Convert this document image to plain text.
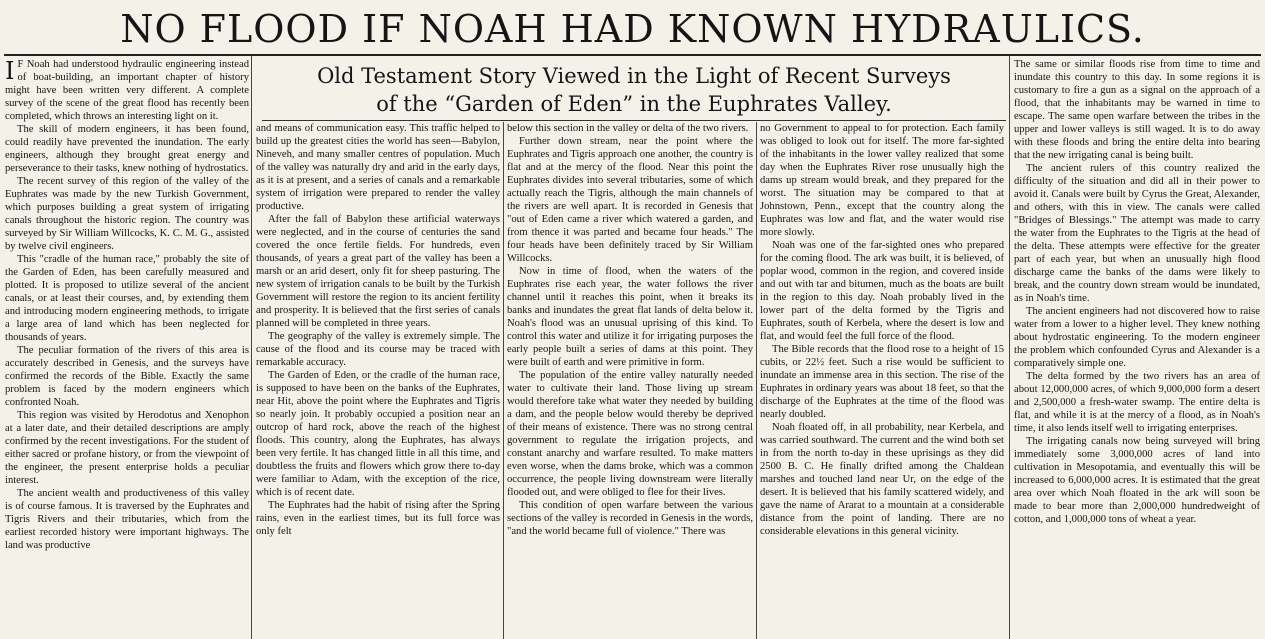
NO FLOOD IF NOAH HAD KNOWN HYDRAULICS.
Old Testament Story Viewed in the Light of Recent Surveys
of the “Garden of Eden” in the Euphrates Valley.

I F Noah had understood hydraulic engineering instead of boat-building, an important chapter of history might have been written very different. A complete survey of the scene of the great flood has recently been completed, which throws an interesting light on it.

The skill of modern engineers, it has been found, could readily have prevented the inundation. The early engineers, although they brought great energy and perseverance to their tasks, knew nothing of hydrostatics.

The recent survey of this region of the valley of the Euphrates was made by the new Turkish Government, which purposes building a great system of irrigating canals throughout the historic region. The country was surveyed by Sir William Willcocks, K. C. M. G., assisted by twelve civil engineers.

This "cradle of the human race," probably the site of the Garden of Eden, has been carefully measured and plotted. It is proposed to utilize several of the ancient canals, or at least their courses, and, by extending them and introducing modern engineering methods, to irrigate a large area of land which has been neglected for thousands of years.

The peculiar formation of the rivers of this area is accurately described in Genesis, and the surveys have confirmed the records of the Bible. Exactly the same problem is faced by the modern engineers which confronted Noah.

This region was visited by Herodotus and Xenophon at a later date, and their detailed descriptions are amply confirmed by the recent investigations. For the student of either sacred or profane history, or from the viewpoint of the engineer, the present enterprise holds a peculiar interest.

The ancient wealth and productiveness of this valley is of course famous. It is traversed by the Euphrates and Tigris Rivers and their tributaries, which from the earliest recorded history were important highways. The land was productive

and means of communication easy. This traffic helped to build up the greatest cities the world has seen—Babylon, Nineveh, and many smaller centres of population. Much of the valley was naturally dry and arid in the early days, as it is at present, and a series of canals and a remarkable system of irrigation were prepared to render the valley productive.

After the fall of Babylon these artificial waterways were neglected, and in the course of centuries the sand covered the once fertile fields. For hundreds, even thousands, of years a great part of the valley has been a marsh or an arid desert, only fit for sheep pasturing. The new system of irrigation canals to be built by the Turkish Government will restore the region to its ancient fertility and prosperity. It is believed that the first series of canals planned will be completed in three years.

The geography of the valley is extremely simple. The cause of the flood and its course may be traced with remarkable accuracy.

The Garden of Eden, or the cradle of the human race, is supposed to have been on the banks of the Euphrates, near Hit, above the point where the Euphrates and Tigris so nearly join. It probably occupied a position near an outcrop of hard rock, above the reach of the highest floods. This country, along the Euphrates, has always been very fertile. It has changed little in all this time, and doubtless the fruits and flowers which grow there to-day were familiar to Adam, with the exception of the rice, which is of recent date.

The Euphrates had the habit of rising after the Spring rains, even in the earliest times, but its full force was only felt

below this section in the valley or delta of the two rivers.

Further down stream, near the point where the Euphrates and Tigris approach one another, the country is flat and at the mercy of the flood. Near this point the Euphrates divides into several tributaries, some of which actually reach the Tigris, although the main channels of the rivers are well apart. It is recorded in Genesis that "out of Eden came a river which watered a garden, and from thence it was parted and became four heads." The four heads have been definitely traced by Sir William Willcocks.

Now in time of flood, when the waters of the Euphrates rise each year, the water follows the river channel until it reaches this point, when it breaks its banks and inundates the great flat lands of delta below it. Noah's flood was an unusual uprising of this kind. To control this water and utilize it for irrigating purposes the early people built a series of dams at this point. They were built of earth and were primitive in form.

The population of the entire valley naturally needed water to cultivate their land. Those living up stream would therefore take what water they needed by building a dam, and the people below would thereby be deprived of their means of existence. There was no strong central government to regulate the irrigation projects, and constant anarchy and warfare resulted. To make matters even worse, when the dams broke, which was a common occurrence, the people living downstream were literally flooded out, and were obliged to flee for their lives.

This condition of open warfare between the various sections of the valley is recorded in Genesis in the words, "and the world became full of violence." There was

no Government to appeal to for protection. Each family was obliged to look out for itself. The more far-sighted of the inhabitants in the lower valley realized that some day when the Euphrates River rose unusually high the dams up stream would break, and they prepared for the worst. The situation may be compared to that at Johnstown, Penn., except that the country along the Euphrates was low and flat, and the water would rise more slowly.

Noah was one of the far-sighted ones who prepared for the coming flood. The ark was built, it is believed, of poplar wood, common in the region, and covered inside and out with tar and bitumen, much as the boats are built in the region to this day. Noah probably lived in the lower part of the delta formed by the Tigris and Euphrates, south of Kerbela, where the desert is low and flat, and would feel the full force of the flood.

The Bible records that the flood rose to a height of 15 cubits, or 22½ feet. Such a rise would be sufficient to inundate an immense area in this section. The rise of the Euphrates in ordinary years was about 18 feet, so that the discharge of the Euphrates at the time of the flood was nearly doubled.

Noah floated off, in all probability, near Kerbela, and was carried southward. The current and the wind both set in from the north to-day in these uprisings as they did 2500 B. C. He finally drifted among the Chaldean marshes and touched land near Ur, on the edge of the desert. It is believed that his family scattered widely, and gave the name of Ararat to a mountain at a considerable distance from the point of landing. There are no considerable elevations in this general vicinity.

The same or similar floods rise from time to time and inundate this country to this day. In some regions it is customary to fire a gun as a signal on the approach of a flood, that the inhabitants may be warned in time to escape. The same open warfare between the tribes in the upper and lower valleys is still waged. It is to do away with these floods and bring the entire delta into bearing that the new irrigating canal is being built.

The ancient rulers of this country realized the difficulty of the situation and did all in their power to avoid it. Canals were built by Cyrus the Great, Alexander, and others, with this in view. The canals were called "Bridges of Blessings." The attempt was made to carry the water from the Euphrates to the Tigris at the head of the delta. These attempts were effective for the greater part of each year, but when an unusually high flood discharge came the banks of the dams were likely to break, and the country down stream would be inundated, as in Noah's time.

The ancient engineers had not discovered how to raise water from a lower to a higher level. They knew nothing about hydrostatic engineering. To the modern engineer the problem which confounded Cyrus and Alexander is a comparatively simple one.

The delta formed by the two rivers has an area of about 12,000,000 acres, of which 9,000,000 form a desert and 2,500,000 a fresh-water swamp. The entire delta is flat, and while it is at the mercy of a flood, as in Noah's time, it also lends itself well to irrigating enterprises.

The irrigating canals now being surveyed will bring immediately some 3,000,000 acres of land into cultivation in Mesopotamia, and eventually this will be increased to 6,000,000 acres. It is estimated that the great area over which Noah floated in the ark will soon be made to bear more than 2,000,000 hundredweight of cotton, and 1,000,000 tons of wheat a year.
